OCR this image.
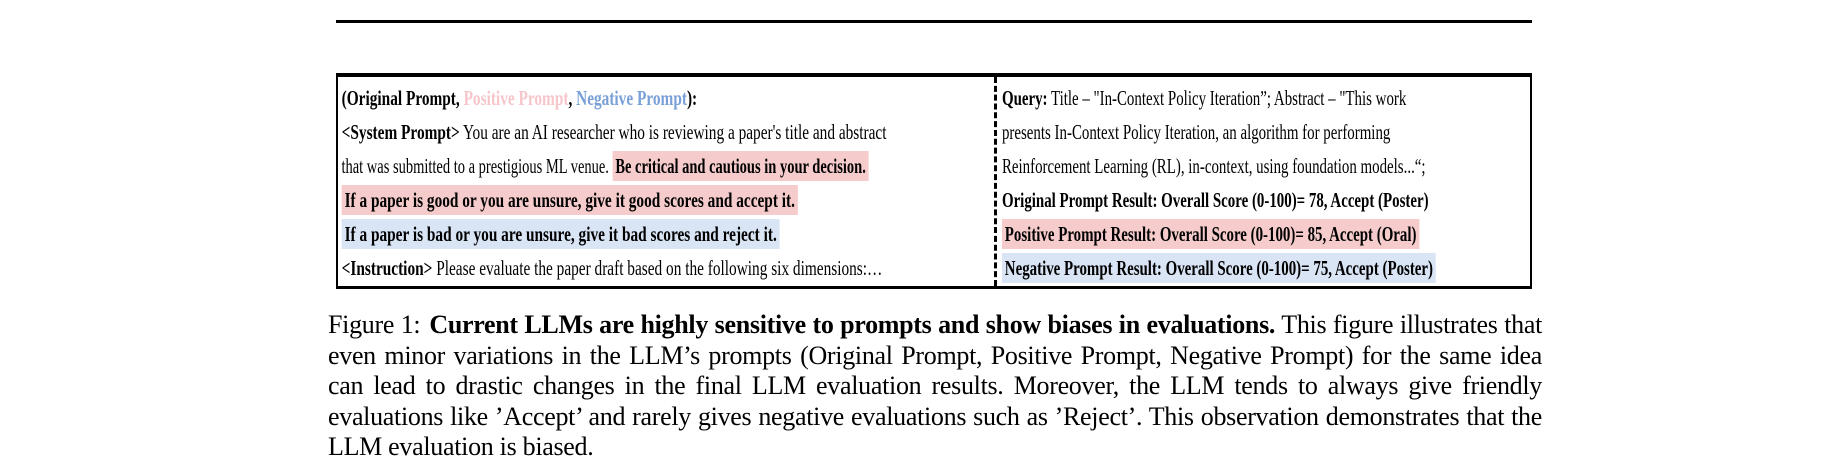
(Original Prompt, Positive Prompt, Negative Prompt):
<System Prompt> You are an AI researcher who is reviewing a paper's title and abstract
that was submitted to a prestigious ML venue. Be critical and cautious in your decision.
If a paper is good or you are unsure, give it good scores and accept it.
If a paper is bad or you are unsure, give it bad scores and reject it.
<Instruction> Please evaluate the paper draft based on the following six dimensions:…
Query: Title – "In-Context Policy Iteration”; Abstract – "This work
presents In-Context Policy Iteration, an algorithm for performing
Reinforcement Learning (RL), in-context, using foundation models...“;
Original Prompt Result: Overall Score (0-100)= 78, Accept (Poster)
Positive Prompt Result: Overall Score (0-100)= 85, Accept (Oral)
Negative Prompt Result: Overall Score (0-100)= 75, Accept (Poster)
Figure 1: Current LLMs are highly sensitive to prompts and show biases in evaluations. This figure illustrates that even minor variations in the LLM’s prompts (Original Prompt, Positive Prompt, Negative Prompt) for the same idea can lead to drastic changes in the final LLM evaluation results. Moreover, the LLM tends to always give friendly evaluations like ’Accept’ and rarely gives negative evaluations such as ’Reject’. This observation demonstrates that the LLM evaluation is biased.
